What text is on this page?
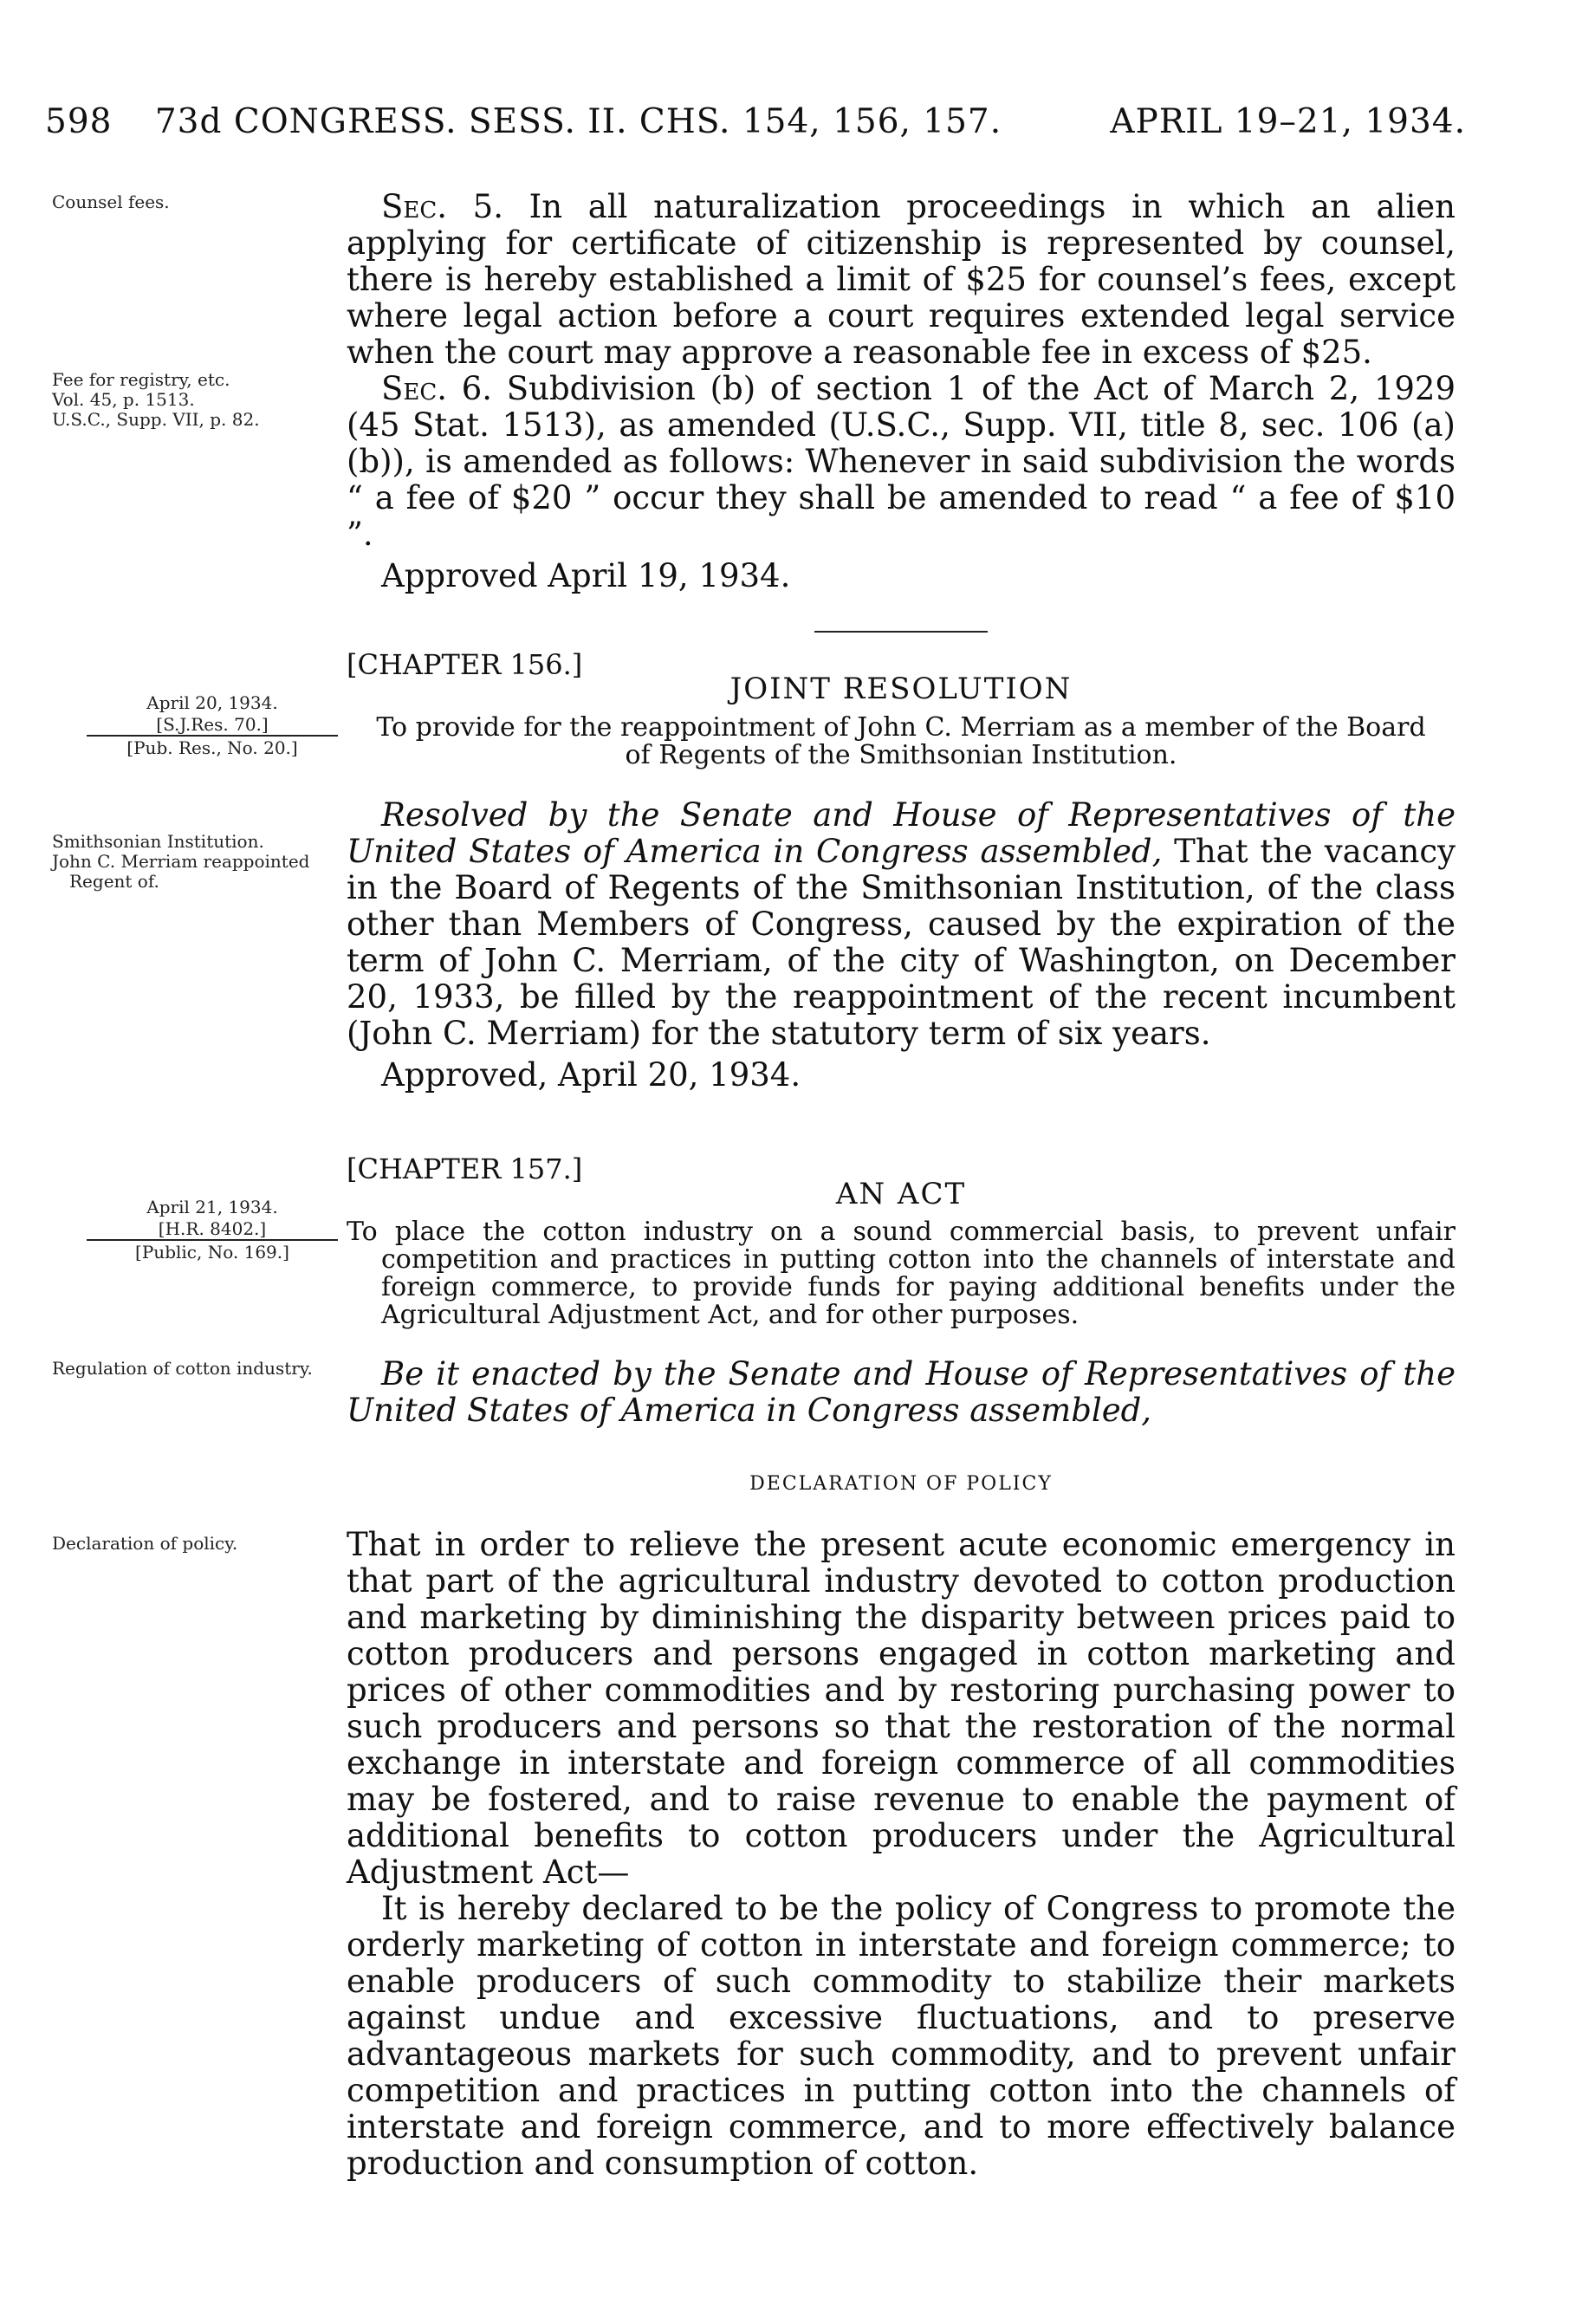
598 73d CONGRESS. SESS. II. CHS. 154, 156, 157.	APRIL 19–21, 1934.
Counsel fees.	Sec. 5. In all naturalization proceedings in which an alien applying for certificate of citizenship is represented by counsel, there is hereby established a limit of $25 for counsel’s fees, except where legal action before a court requires extended legal service when the court may approve a reasonable fee in excess of $25.

Fee for registry, etc.
Vol. 45, p. 1513.
U.S.C., Supp. VII, p. 82.

Sec. 6. Subdivision (b) of section 1 of the Act of March 2, 1929 (45 Stat. 1513), as amended (U.S.C., Supp. VII, title 8, sec. 106 (a)(b)), is amended as follows: Whenever in said subdivision the words “ a fee of $20 ” occur they shall be amended to read “ a fee of $10 ”.

Approved April 19, 1934.

[CHAPTER 156.]
JOINT RESOLUTION
April 20, 1934.
[S.J.Res. 70.]
[Pub. Res., No. 20.]
To provide for the reappointment of John C. Merriam as a member of the Board
of Regents of the Smithsonian Institution.
Smithsonian Institution.
John C. Merriam reappointed Regent of.

Resolved by the Senate and House of Representatives of the United States of America in Congress assembled, That the vacancy in the Board of Regents of the Smithsonian Institution, of the class other than Members of Congress, caused by the expiration of the term of John C. Merriam, of the city of Washington, on December 20, 1933, be filled by the reappointment of the recent incumbent (John C. Merriam) for the statutory term of six years.

Approved, April 20, 1934.

[CHAPTER 157.]
AN ACT
April 21, 1934.
[H.R. 8402.]
[Public, No. 169.]
To place the cotton industry on a sound commercial basis, to prevent unfair competition and practices in putting cotton into the channels of interstate and foreign commerce, to provide funds for paying additional benefits under the Agricultural Adjustment Act, and for other purposes.
Regulation of cotton industry.	Be it enacted by the Senate and House of Representatives of the United States of America in Congress assembled,

DECLARATION OF POLICY
Declaration of policy.	That in order to relieve the present acute economic emergency in that part of the agricultural industry devoted to cotton production and marketing by diminishing the disparity between prices paid to cotton producers and persons engaged in cotton marketing and prices of other commodities and by restoring purchasing power to such producers and persons so that the restoration of the normal exchange in interstate and foreign commerce of all commodities may be fostered, and to raise revenue to enable the payment of additional benefits to cotton producers under the Agricultural Adjustment Act—

It is hereby declared to be the policy of Congress to promote the orderly marketing of cotton in interstate and foreign commerce; to enable producers of such commodity to stabilize their markets against undue and excessive fluctuations, and to preserve advantageous markets for such commodity, and to prevent unfair competition and practices in putting cotton into the channels of interstate and foreign commerce, and to more effectively balance production and consumption of cotton.
